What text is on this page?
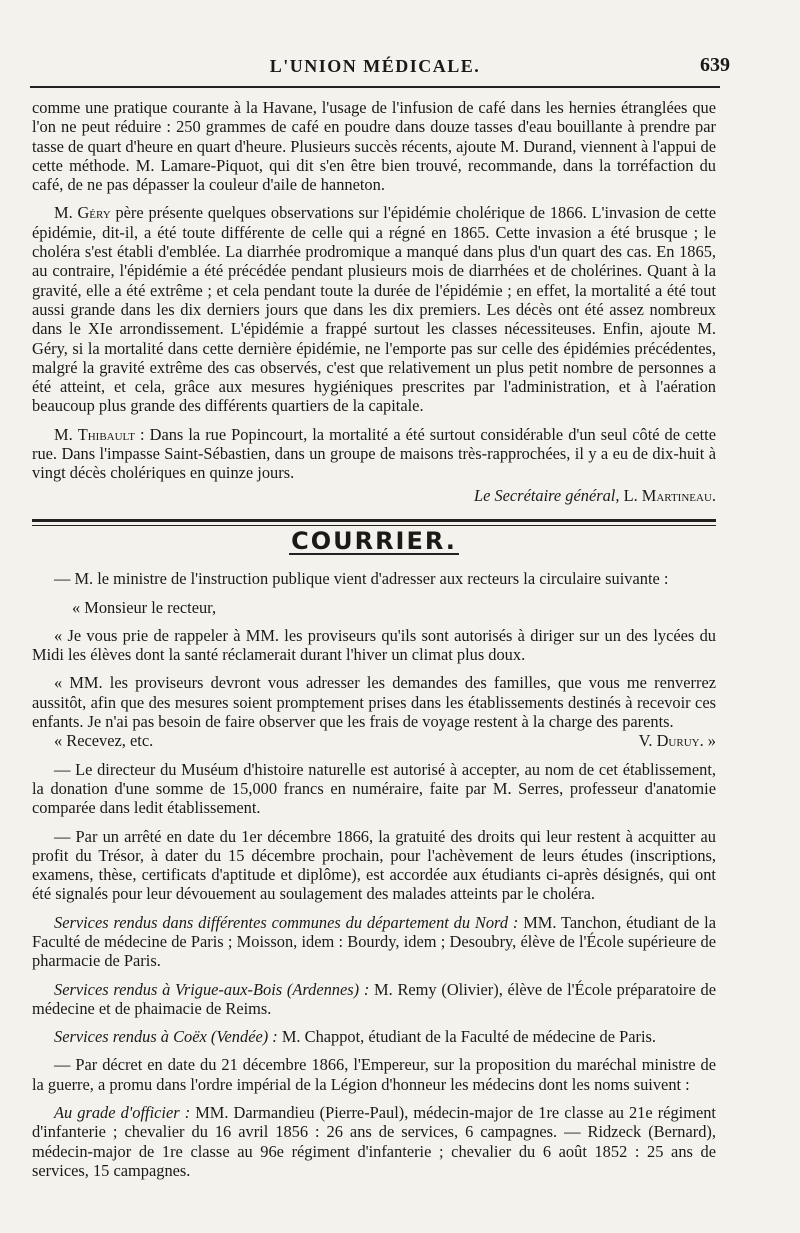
L'UNION MÉDICALE.	639

comme une pratique courante à la Havane, l'usage de l'infusion de café dans les hernies étranglées que l'on ne peut réduire : 250 grammes de café en poudre dans douze tasses d'eau bouillante à prendre par tasse de quart d'heure en quart d'heure. Plusieurs succès récents, ajoute M. Durand, viennent à l'appui de cette méthode. M. Lamare-Piquot, qui dit s'en être bien trouvé, recommande, dans la torréfaction du café, de ne pas dépasser la couleur d'aile de hanneton.

M. Géry père présente quelques observations sur l'épidémie cholérique de 1866. L'invasion de cette épidémie, dit-il, a été toute différente de celle qui a régné en 1865. Cette invasion a été brusque ; le choléra s'est établi d'emblée. La diarrhée prodromique a manqué dans plus d'un quart des cas. En 1865, au contraire, l'épidémie a été précédée pendant plusieurs mois de diarrhées et de cholérines. Quant à la gravité, elle a été extrême ; et cela pendant toute la durée de l'épidémie ; en effet, la mortalité a été tout aussi grande dans les dix derniers jours que dans les dix premiers. Les décès ont été assez nombreux dans le XIe arrondissement. L'épidémie a frappé surtout les classes nécessiteuses. Enfin, ajoute M. Géry, si la mortalité dans cette dernière épidémie, ne l'emporte pas sur celle des épidémies précédentes, malgré la gravité extrême des cas observés, c'est que relativement un plus petit nombre de personnes a été atteint, et cela, grâce aux mesures hygiéniques prescrites par l'administration, et à l'aération beaucoup plus grande des différents quartiers de la capitale.

M. Thibault : Dans la rue Popincourt, la mortalité a été surtout considérable d'un seul côté de cette rue. Dans l'impasse Saint-Sébastien, dans un groupe de maisons très-rapprochées, il y a eu de dix-huit à vingt décès cholériques en quinze jours.

Le Secrétaire général, L. Martineau.

COURRIER.

— M. le ministre de l'instruction publique vient d'adresser aux recteurs la circulaire suivante :

« Monsieur le recteur,

« Je vous prie de rappeler à MM. les proviseurs qu'ils sont autorisés à diriger sur un des lycées du Midi les élèves dont la santé réclamerait durant l'hiver un climat plus doux.

« MM. les proviseurs devront vous adresser les demandes des familles, que vous me renverrez aussitôt, afin que des mesures soient promptement prises dans les établissements destinés à recevoir ces enfants. Je n'ai pas besoin de faire observer que les frais de voyage restent à la charge des parents.

« Recevez, etc.	V. Duruy. »

— Le directeur du Muséum d'histoire naturelle est autorisé à accepter, au nom de cet établissement, la donation d'une somme de 15,000 francs en numéraire, faite par M. Serres, professeur d'anatomie comparée dans ledit établissement.

— Par un arrêté en date du 1er décembre 1866, la gratuité des droits qui leur restent à acquitter au profit du Trésor, à dater du 15 décembre prochain, pour l'achèvement de leurs études (inscriptions, examens, thèse, certificats d'aptitude et diplôme), est accordée aux étudiants ci-après désignés, qui ont été signalés pour leur dévouement au soulagement des malades atteints par le choléra.

Services rendus dans différentes communes du département du Nord : MM. Tanchon, étudiant de la Faculté de médecine de Paris ; Moisson, idem : Bourdy, idem ; Desoubry, élève de l'École supérieure de pharmacie de Paris.

Services rendus à Vrigue-aux-Bois (Ardennes) : M. Remy (Olivier), élève de l'École préparatoire de médecine et de phaimacie de Reims.

Services rendus à Coëx (Vendée) : M. Chappot, étudiant de la Faculté de médecine de Paris.

— Par décret en date du 21 décembre 1866, l'Empereur, sur la proposition du maréchal ministre de la guerre, a promu dans l'ordre impérial de la Légion d'honneur les médecins dont les noms suivent :

Au grade d'officier : MM. Darmandieu (Pierre-Paul), médecin-major de 1re classe au 21e régiment d'infanterie ; chevalier du 16 avril 1856 : 26 ans de services, 6 campagnes. — Ridzeck (Bernard), médecin-major de 1re classe au 96e régiment d'infanterie ; chevalier du 6 août 1852 : 25 ans de services, 15 campagnes.
